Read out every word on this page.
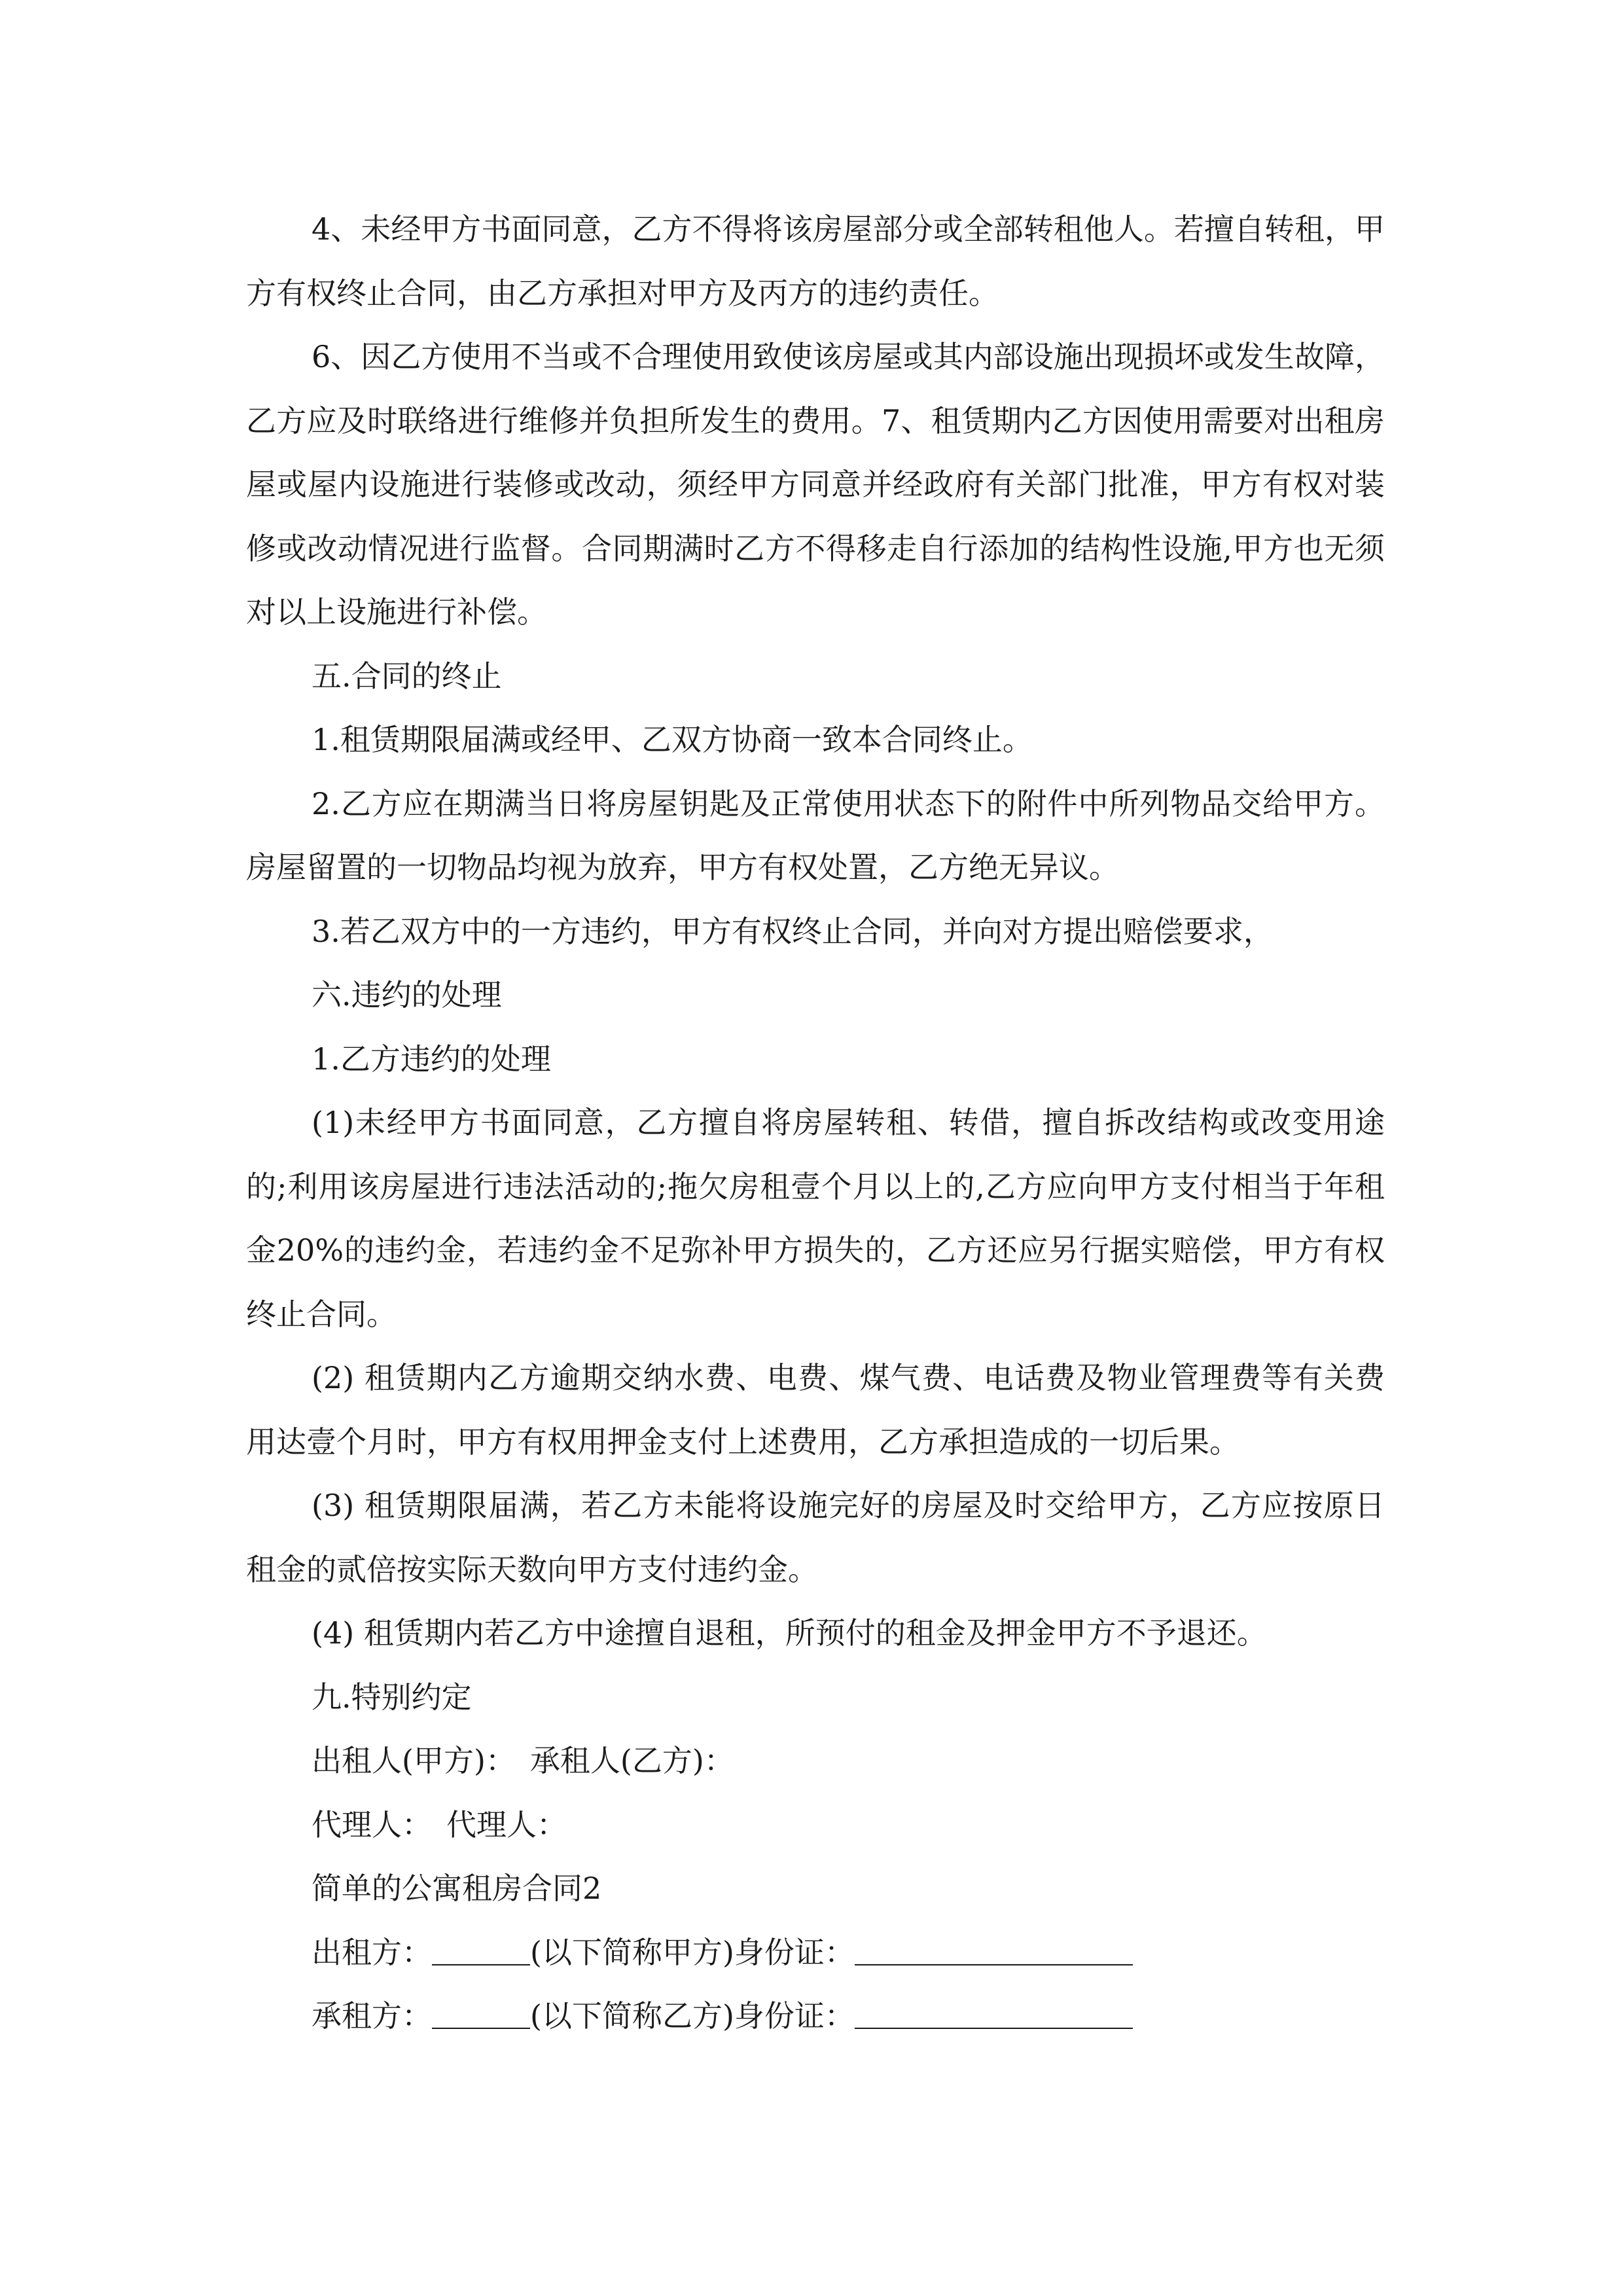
4、未经甲方书面同意，乙方不得将该房屋部分或全部转租他人。若擅自转租，甲方有权终止合同，由乙方承担对甲方及丙方的违约责任。

6、因乙方使用不当或不合理使用致使该房屋或其内部设施出现损坏或发生故障，乙方应及时联络进行维修并负担所发生的费用。7、租赁期内乙方因使用需要对出租房屋或屋内设施进行装修或改动，须经甲方同意并经政府有关部门批准，甲方有权对装修或改动情况进行监督。合同期满时乙方不得移走自行添加的结构性设施,甲方也无须对以上设施进行补偿。

五.合同的终止

1.租赁期限届满或经甲、乙双方协商一致本合同终止。

2.乙方应在期满当日将房屋钥匙及正常使用状态下的附件中所列物品交给甲方。房屋留置的一切物品均视为放弃，甲方有权处置，乙方绝无异议。

3.若乙双方中的一方违约，甲方有权终止合同，并向对方提出赔偿要求，

六.违约的处理

1.乙方违约的处理

(1)未经甲方书面同意，乙方擅自将房屋转租、转借，擅自拆改结构或改变用途的;利用该房屋进行违法活动的;拖欠房租壹个月以上的,乙方应向甲方支付相当于年租金20%的违约金，若违约金不足弥补甲方损失的，乙方还应另行据实赔偿，甲方有权终止合同。

(2) 租赁期内乙方逾期交纳水费、电费、煤气费、电话费及物业管理费等有关费用达壹个月时，甲方有权用押金支付上述费用，乙方承担造成的一切后果。

(3) 租赁期限届满，若乙方未能将设施完好的房屋及时交给甲方，乙方应按原日租金的贰倍按实际天数向甲方支付违约金。

(4) 租赁期内若乙方中途擅自退租，所预付的租金及押金甲方不予退还。

九.特别约定

出租人(甲方)： 承租人(乙方)：

代理人： 代理人：

简单的公寓租房合同2

出租方：	(以下简称甲方)身份证：

承租方：	(以下简称乙方)身份证：
